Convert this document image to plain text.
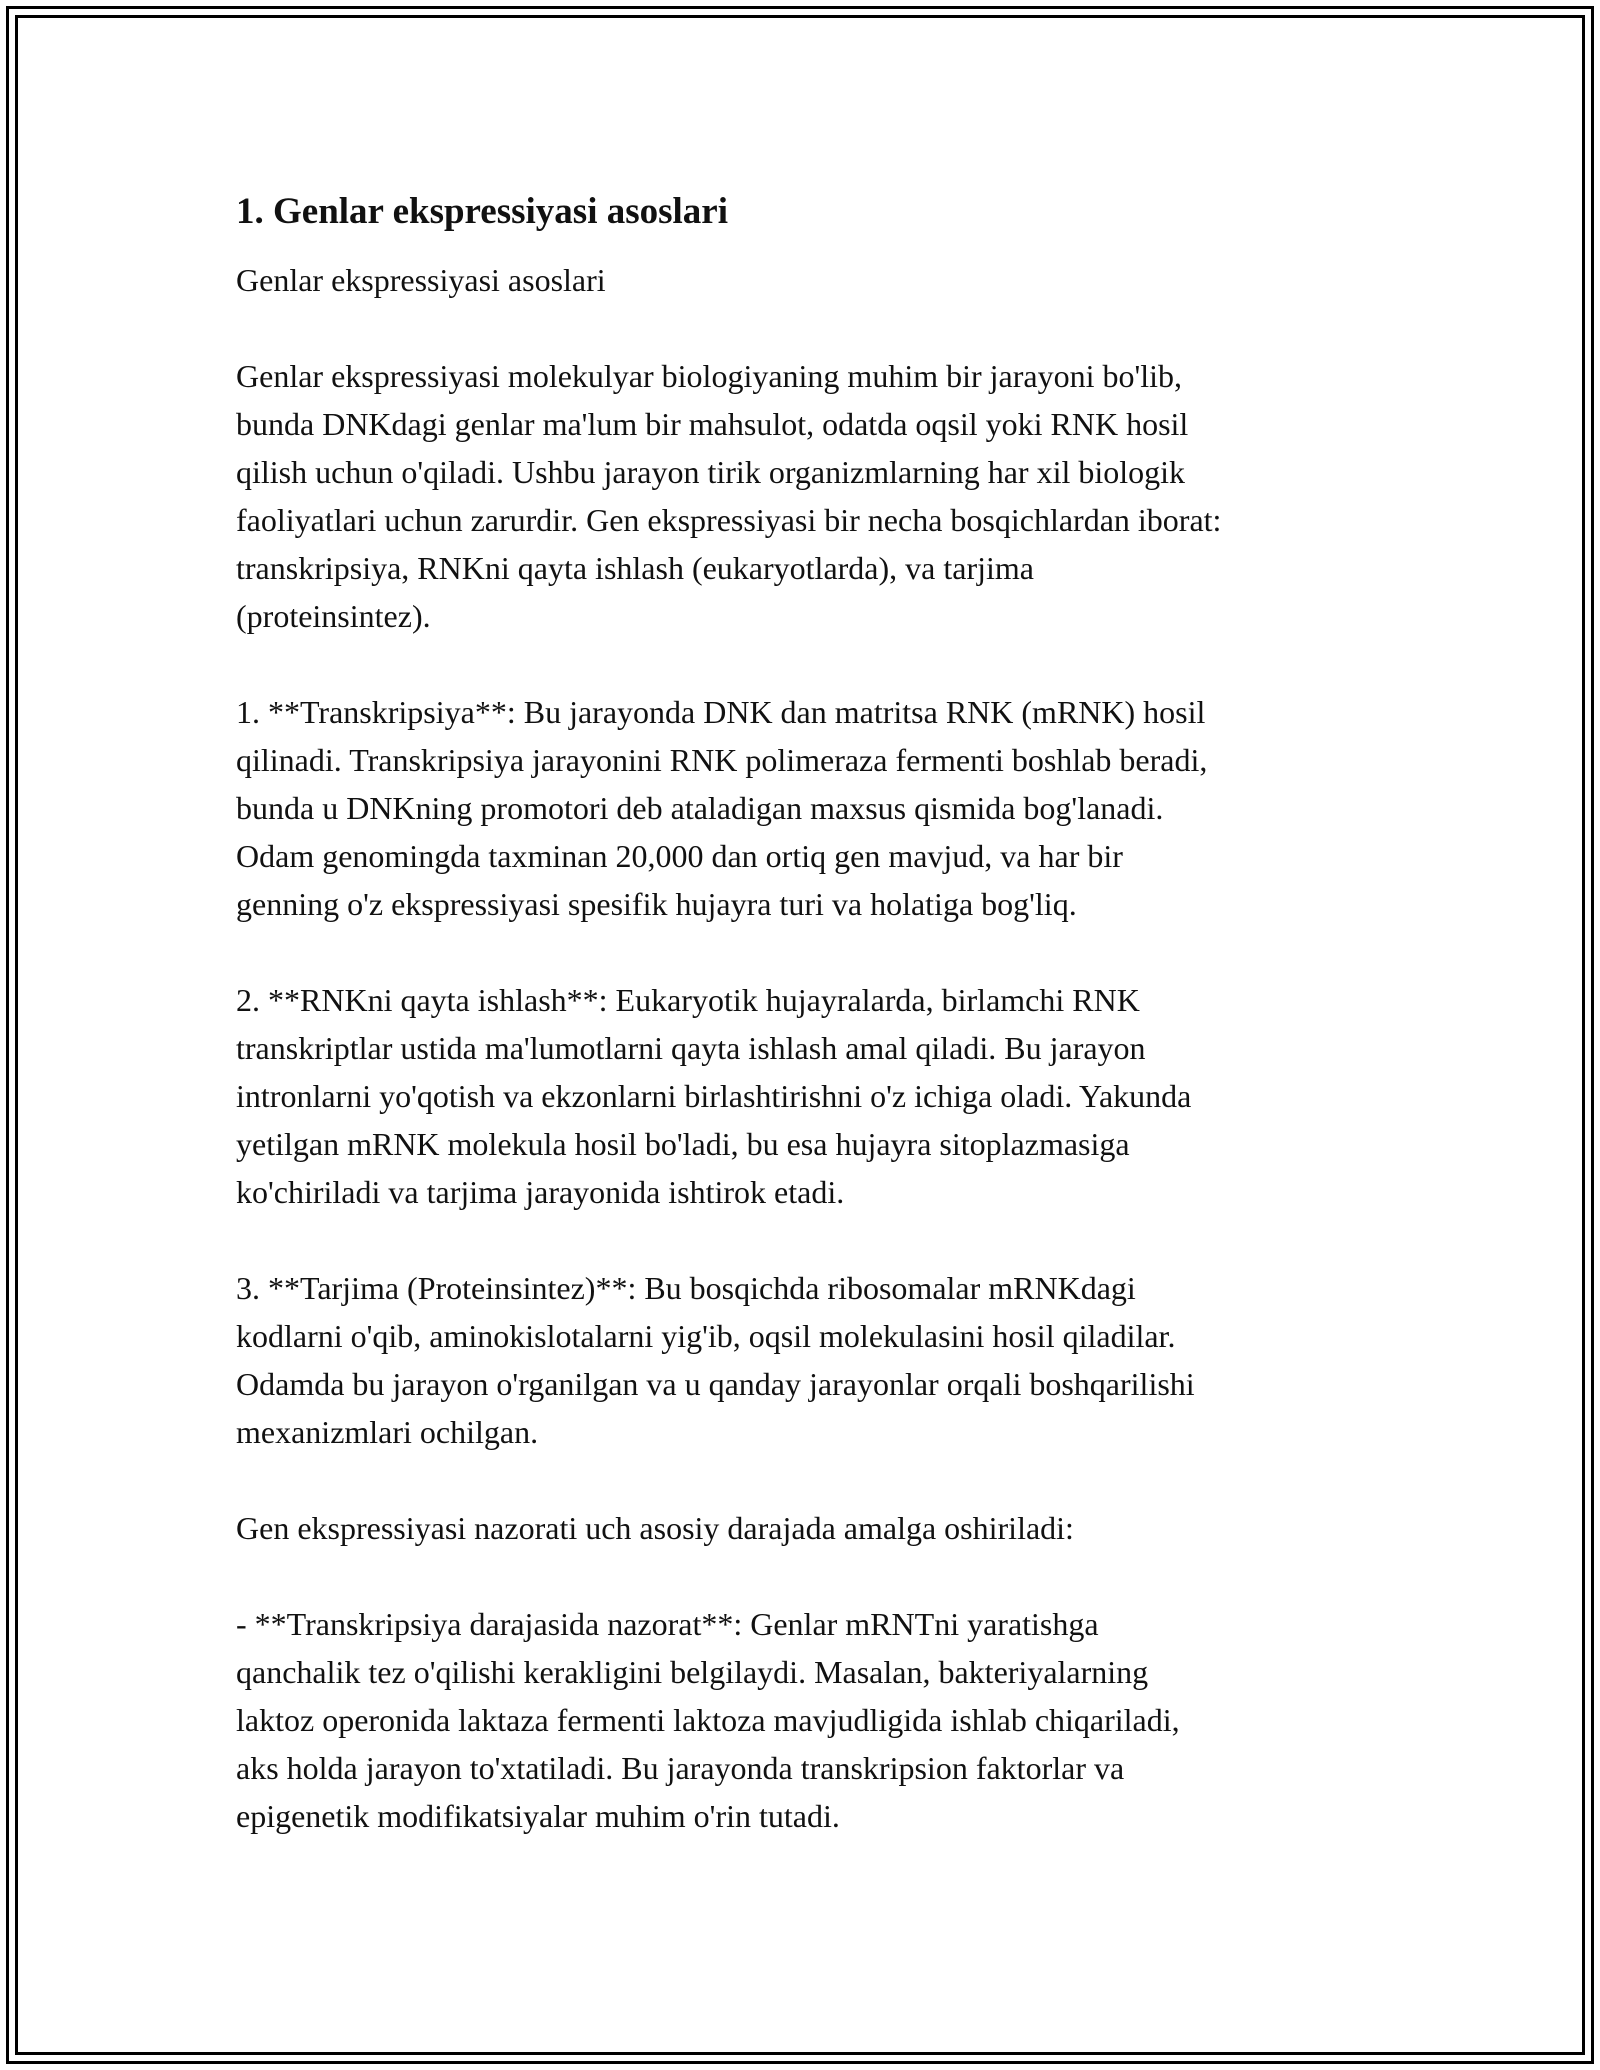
1. Genlar ekspressiyasi asoslari

Genlar ekspressiyasi asoslari

Genlar ekspressiyasi molekulyar biologiyaning muhim bir jarayoni bo'lib,
bunda DNKdagi genlar ma'lum bir mahsulot, odatda oqsil yoki RNK hosil
qilish uchun o'qiladi. Ushbu jarayon tirik organizmlarning har xil biologik
faoliyatlari uchun zarurdir. Gen ekspressiyasi bir necha bosqichlardan iborat:
transkripsiya, RNKni qayta ishlash (eukaryotlarda), va tarjima
(proteinsintez).

1. **Transkripsiya**: Bu jarayonda DNK dan matritsa RNK (mRNK) hosil
qilinadi. Transkripsiya jarayonini RNK polimeraza fermenti boshlab beradi,
bunda u DNKning promotori deb ataladigan maxsus qismida bog'lanadi.
Odam genomingda taxminan 20,000 dan ortiq gen mavjud, va har bir
genning o'z ekspressiyasi spesifik hujayra turi va holatiga bog'liq.

2. **RNKni qayta ishlash**: Eukaryotik hujayralarda, birlamchi RNK
transkriptlar ustida ma'lumotlarni qayta ishlash amal qiladi. Bu jarayon
intronlarni yo'qotish va ekzonlarni birlashtirishni o'z ichiga oladi. Yakunda
yetilgan mRNK molekula hosil bo'ladi, bu esa hujayra sitoplazmasiga
ko'chiriladi va tarjima jarayonida ishtirok etadi.

3. **Tarjima (Proteinsintez)**: Bu bosqichda ribosomalar mRNKdagi
kodlarni o'qib, aminokislotalarni yig'ib, oqsil molekulasini hosil qiladilar.
Odamda bu jarayon o'rganilgan va u qanday jarayonlar orqali boshqarilishi
mexanizmlari ochilgan.

Gen ekspressiyasi nazorati uch asosiy darajada amalga oshiriladi:

- **Transkripsiya darajasida nazorat**: Genlar mRNTni yaratishga
qanchalik tez o'qilishi kerakligini belgilaydi. Masalan, bakteriyalarning
laktoz operonida laktaza fermenti laktoza mavjudligida ishlab chiqariladi,
aks holda jarayon to'xtatiladi. Bu jarayonda transkripsion faktorlar va
epigenetik modifikatsiyalar muhim o'rin tutadi.
